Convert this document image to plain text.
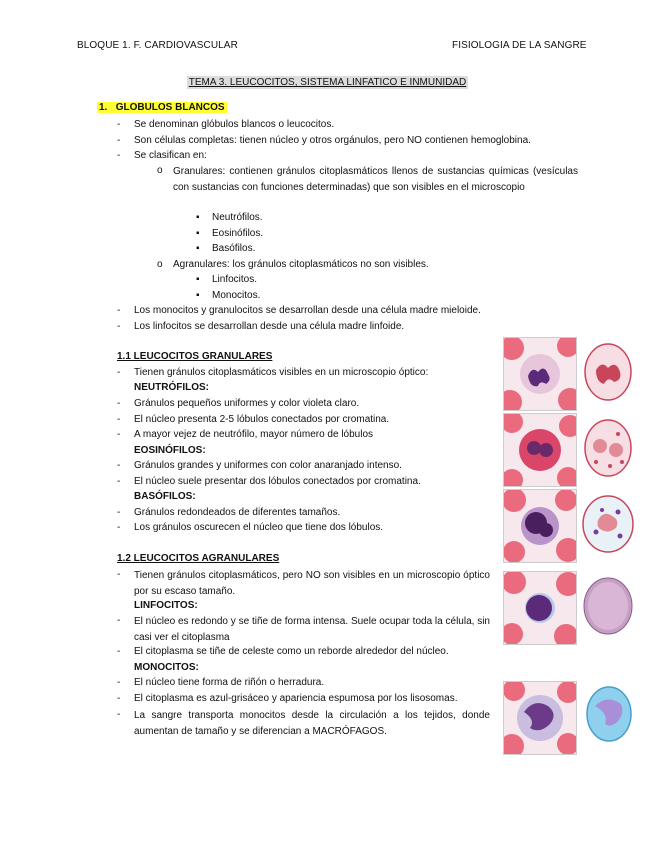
BLOQUE 1. F. CARDIOVASCULAR	FISIOLOGIA DE LA SANGRE
TEMA 3. LEUCOCITOS, SISTEMA LINFATICO E INMUNIDAD
1. GLOBULOS BLANCOS
- Se denominan glóbulos blancos o leucocitos.
- Son células completas: tienen núcleo y otros orgánulos, pero NO contienen hemoglobina.
- Se clasifican en:
o Granulares: contienen gránulos citoplasmáticos llenos de sustancias químicas (vesículas con sustancias con funciones determinadas) que son visibles en el microscopio
▪ Neutrófilos.
▪ Eosinófilos.
▪ Basófilos.
o Agranulares: los gránulos citoplasmáticos no son visibles.
▪ Linfocitos.
▪ Monocitos.
- Los monocitos y granulocitos se desarrollan desde una célula madre mieloide.
- Los linfocitos se desarrollan desde una célula madre linfoide.
1.1 LEUCOCITOS GRANULARES
- Tienen gránulos citoplasmáticos visibles en un microscopio óptico:
NEUTRÓFILOS:
- Gránulos pequeños uniformes y color violeta claro.
- El núcleo presenta 2-5 lóbulos conectados por cromatina.
- A mayor vejez de neutrófilo, mayor número de lóbulos
EOSINÓFILOS:
- Gránulos grandes y uniformes con color anaranjado intenso.
- El núcleo suele presentar dos lóbulos conectados por cromatina.
BASÓFILOS:
- Gránulos redondeados de diferentes tamaños.
- Los gránulos oscurecen el núcleo que tiene dos lóbulos.
1.2 LEUCOCITOS AGRANULARES
- Tienen gránulos citoplasmáticos, pero NO son visibles en un microscopio óptico por su escaso tamaño.
LINFOCITOS:
- El núcleo es redondo y se tiñe de forma intensa. Suele ocupar toda la célula, sin casi ver el citoplasma
- El citoplasma se tiñe de celeste como un reborde alrededor del núcleo.
MONOCITOS:
- El núcleo tiene forma de riñón o herradura.
- El citoplasma es azul-grisáceo y apariencia espumosa por los lisosomas.
- La sangre transporta monocitos desde la circulación a los tejidos, donde aumentan de tamaño y se diferencian a MACRÓFAGOS.
